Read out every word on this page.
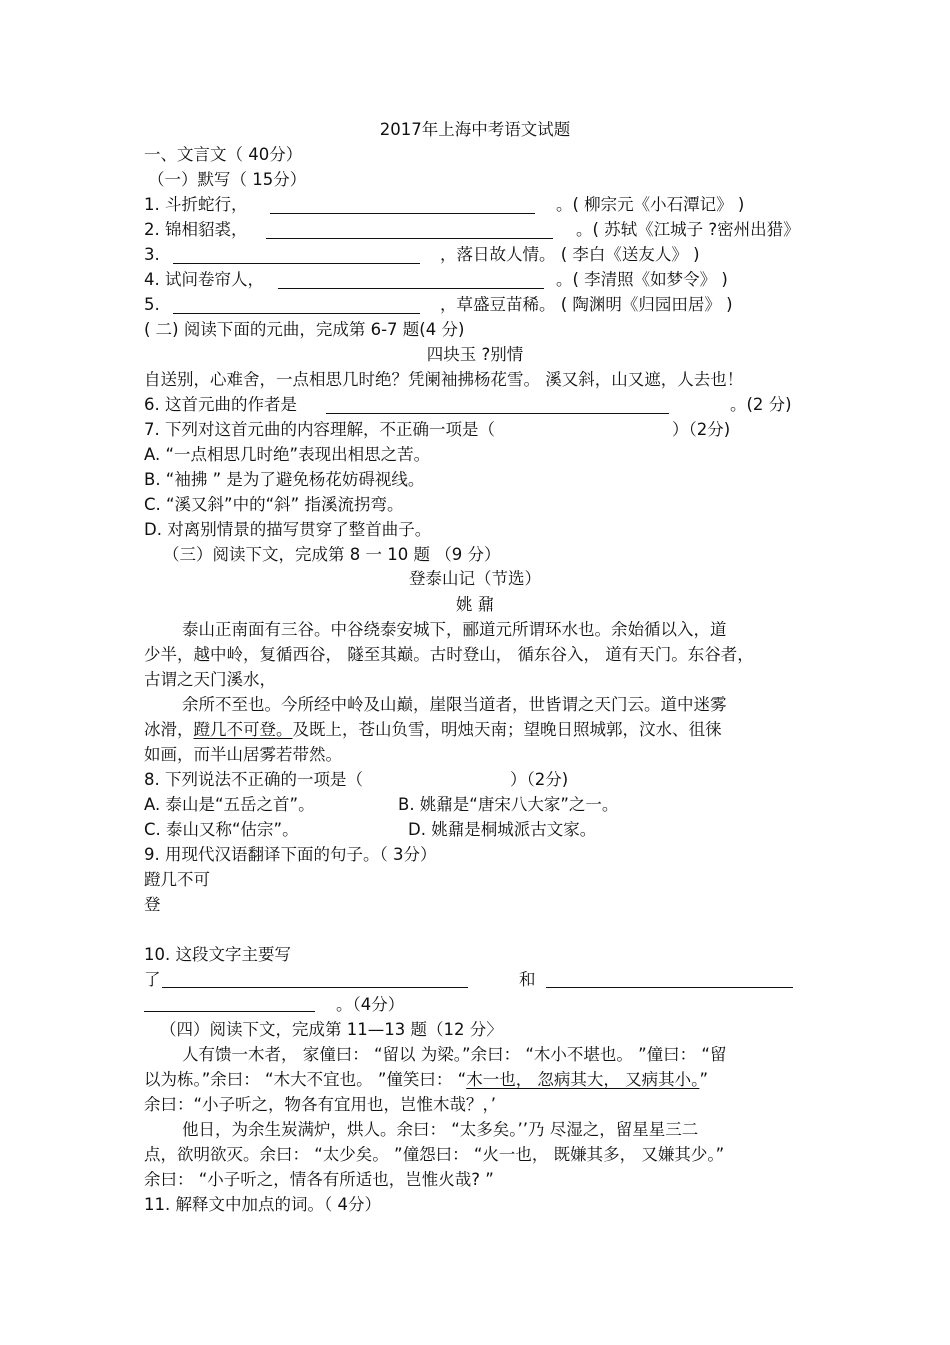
2017年上海中考语文试题
一、文言文（ 40分）
（一）默写（ 15分）
1. 斗折蛇行，	。( 柳宗元《小石潭记》 )
2. 锦相貂裘，	。( 苏轼《江城子 ?密州出猎》
3.	，落日故人情。 ( 李白《送友人》 )
4. 试问卷帘人，	。( 李清照《如梦令》 )
5.	，草盛豆苗稀。 ( 陶渊明《归园田居》 )
( 二) 阅读下面的元曲，完成第 6-7 题(4 分)
四块玉 ?别情
自送别，心难舍，一点相思几时绝？凭阑袖拂杨花雪。 溪又斜，山又遮，人去也！
6. 这首元曲的作者是	。(2 分)
7. 下列对这首元曲的内容理解，不正确一项是（	）（2分)
A. “一点相思几时绝”表现出相思之苦。
B. “袖拂 ” 是为了避免杨花妨碍视线。
C. “溪又斜”中的“斜” 指溪流拐弯。
D. 对离别情景的描写贯穿了整首曲子。
（三）阅读下文，完成第 8 一 10 题 （9 分）
登泰山记（节选）
姚 鼐
泰山正南面有三谷。中谷绕泰安城下，郦道元所谓环水也。余始循以入，道
少半，越中岭，复循西谷， 隧至其巅。古时登山， 循东谷入， 道有天门。东谷者，
古谓之天门溪水，
余所不至也。今所经中岭及山巅，崖限当道者，世皆谓之天门云。道中迷雾
冰滑，蹬几不可登。及既上，苍山负雪，明烛天南；望晚日照城郭，汶水、徂徕
如画，而半山居雾若带然。
8. 下列说法不正确的一项是（	）（2分)
A. 泰山是“五岳之首”。	B. 姚鼐是“唐宋八大家”之一。
C. 泰山又称“估宗”。	D. 姚鼐是桐城派古文家。
9. 用现代汉语翻译下面的句子。（ 3分）
蹬几不可
登
10. 这段文字主要写
了	和
。（4分）
（四）阅读下文，完成第 11—13 题（12 分〉
人有馈一木者， 家僮曰： “留以 为梁。”余曰： “木小不堪也。 ”僮曰： “留
以为栋。”余曰： “木大不宜也。 ”僮笑曰： “木一也， 忽病其大， 又病其小。”
余曰：“小子听之，物各有宜用也，岂惟木哉？，’
他日，为余生炭满炉，烘人。余曰： “太多矣。’’乃 尽湿之，留星星三二
点，欲明欲灭。余曰： “太少矣。 ”僮怨曰： “火一也， 既嫌其多， 又嫌其少。”
余曰： “小子听之，情各有所适也，岂惟火哉? ”
11. 解释文中加点的词。（ 4分）
